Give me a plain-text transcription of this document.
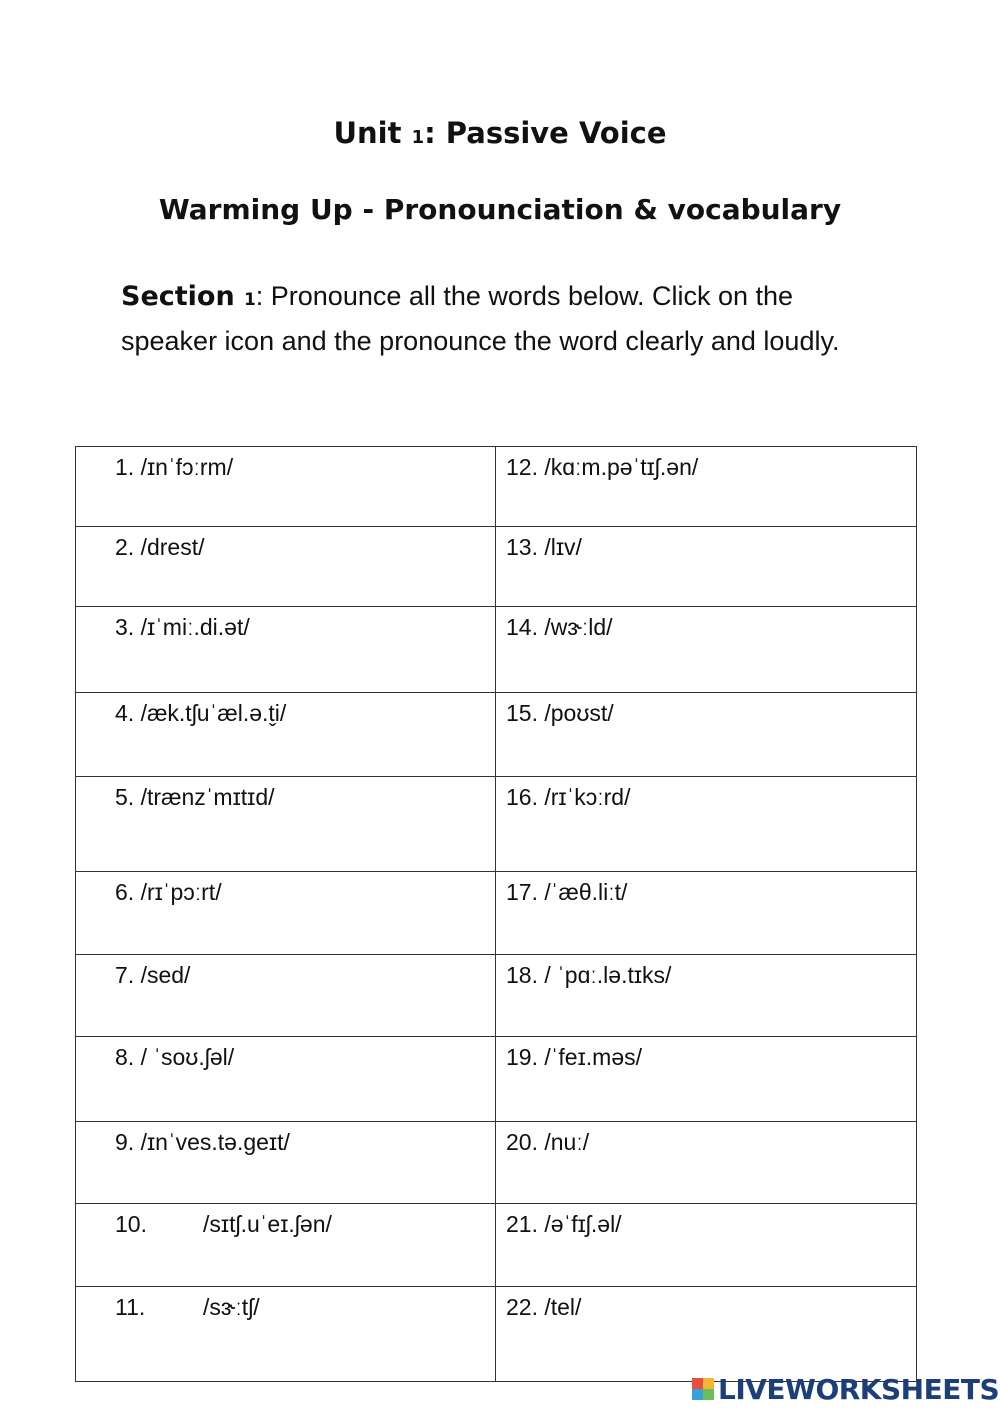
Unit 1: Passive Voice
Warming Up - Pronounciation & vocabulary
Section 1: Pronounce all the words below. Click on the speaker icon and the pronounce the word clearly and loudly.
1. /ɪnˈfɔːrm/	12. /kɑːm.pəˈtɪʃ.ən/
2. /drest/	13. /lɪv/
3. /ɪˈmiː.di.ət/	14. /wɝːld/
4. /æk.tʃuˈæl.ə.t̬i/	15. /poʊst/
5. /trænzˈmɪtɪd/	16. /rɪˈkɔːrd/
6. /rɪˈpɔːrt/	17. /ˈæθ.liːt/
7. /sed/	18. / ˈpɑː.lə.tɪks/
8. / ˈsoʊ.ʃəl/	19. /ˈfeɪ.məs/
9. /ɪnˈves.tə.geɪt/	20. /nuː/
10. /sɪtʃ.uˈeɪ.ʃən/	21. /əˈfɪʃ.əl/
11. /sɝːtʃ/	22. /tel/
LIVEWORKSHEETS
